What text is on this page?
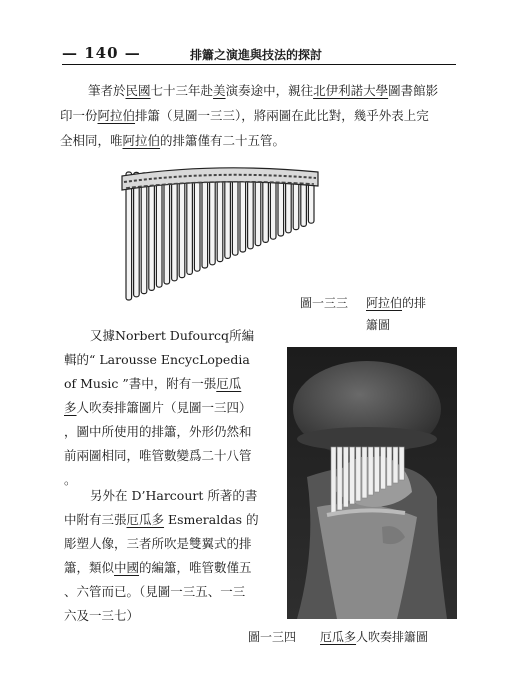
— 140 —	排簫之演進與技法的探討
筆者於民國七十三年赴美演奏途中，親往北伊利諾大學圖書館影
印一份阿拉伯排簫（見圖一三三），將兩圖在此比對，幾乎外表上完
全相同，唯阿拉伯的排簫僅有二十五管。
圖一三三 阿拉伯的排
簫圖
又據Norbert Dufourcq所編
輯的“ Larousse EncycLopedia
of Music ”書中，附有一張厄瓜
多人吹奏排簫圖片（見圖一三四）
，圖中所使用的排簫，外形仍然和
前兩圖相同，唯管數變爲二十八管
。
另外在 D’Harcourt 所著的書
中附有三張厄瓜多 Esmeraldas 的
彫塑人像，三者所吹是雙翼式的排
簫，類似中國的編簫，唯管數僅五
、六管而已。（見圖一三五、一三
六及一三七）
圖一三四 厄瓜多人吹奏排簫圖
